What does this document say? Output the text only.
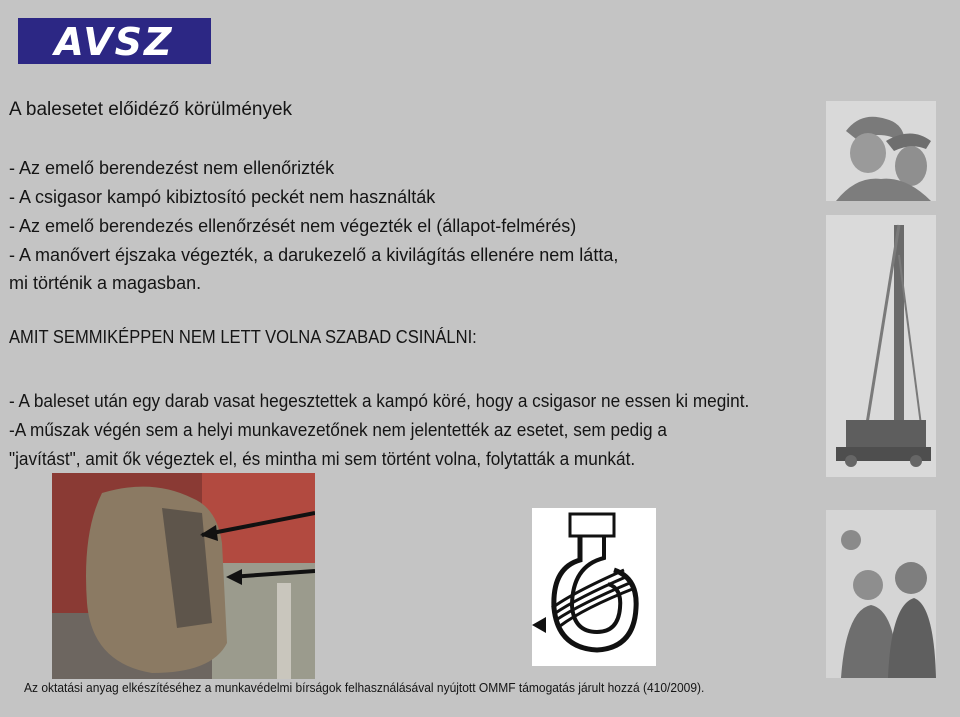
AVSZ
A balesetet előidéző körülmények
- Az emelő berendezést nem ellenőrizték
- A csigasor kampó kibiztosító peckét nem használták
- Az emelő berendezés ellenőrzését nem végezték el (állapot-felmérés)
- A manővert éjszaka végezték, a darukezelő a kivilágítás ellenére nem látta,
mi történik a magasban.
AMIT SEMMIKÉPPEN NEM LETT VOLNA SZABAD CSINÁLNI:
- A baleset után egy darab vasat hegesztettek a kampó köré, hogy a csigasor ne essen ki megint.
-A műszak végén sem a helyi munkavezetőnek nem jelentették az esetet, sem pedig a
"javítást", amit ők végeztek el, és mintha mi sem történt volna, folytatták a munkát.
Az oktatási anyag elkészítéséhez a munkavédelmi bírságok felhasználásával nyújtott OMMF támogatás járult hozzá (410/2009).
